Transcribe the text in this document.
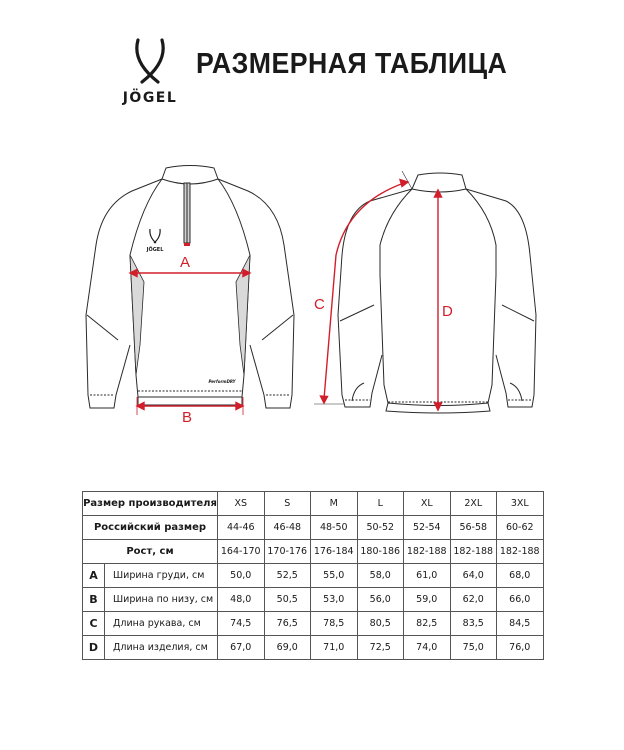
JÖGEL
РАЗМЕРНАЯ ТАБЛИЦА
JÖGEL
PerformDRY
A
B
C	D
Размер производителя		XS	S	M	L	XL	2XL	3XL
Российский размер		44-46	46-48	48-50	50-52	52-54	56-58	60-62
Рост, см		164-170	170-176	176-184	180-186	182-188	182-188	182-188
A	Ширина груди, см	50,0	52,5	55,0	58,0	61,0	64,0	68,0
B	Ширина по низу, см	48,0	50,5	53,0	56,0	59,0	62,0	66,0
C	Длина рукава, см	74,5	76,5	78,5	80,5	82,5	83,5	84,5
D	Длина изделия, см	67,0	69,0	71,0	72,5	74,0	75,0	76,0
